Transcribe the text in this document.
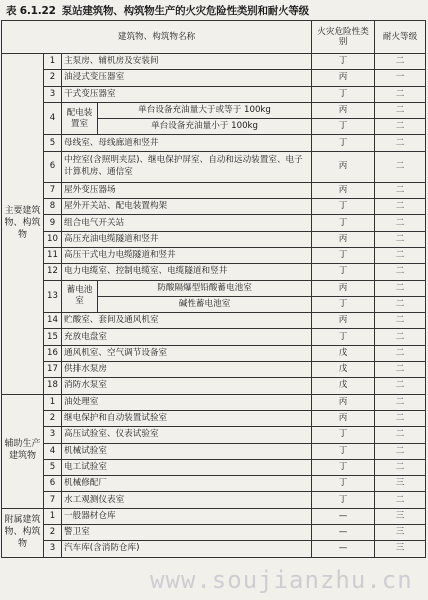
表 6.1.22 泵站建筑物、构筑物生产的火灾危险性类别和耐火等级
建筑物、构筑物名称				火灾危险性类别	耐火等级
主要建筑物、构筑物	1	主泵房、辅机房及安装间		丁	二
	2	油浸式变压器室		丙	一
	3	干式变压器室		丁	二
	4	配电装置室	单台设备充油量大于或等于 100kg	丙	二
			单台设备充油量小于 100kg	丁	二
	5	母线室、母线廊道和竖井		丁	二
	6	中控室(含照明夹层)、继电保护屏室、自动和远动装置室、电子计算机房、通信室		丙	二
	7	屋外变压器场		丙	二
	8	屋外开关站、配电装置构架		丁	二
	9	组合电气开关站		丁	二
	10	高压充油电缆隧道和竖井		丙	二
	11	高压干式电力电缆隧道和竖井		丁	二
	12	电力电缆室、控制电缆室、电缆隧道和竖井		丁	二
	13	蓄电池室	防酸隔爆型铅酸蓄电池室	丙	二
			碱性蓄电池室	丁	二
	14	贮酸室、套间及通风机室		丙	二
	15	充放电盘室		丁	二
	16	通风机室、空气调节设备室		戊	二
	17	供排水泵房		戊	二
	18	消防水泵室		戊	二
辅助生产建筑物	1	油处理室		丙	二
	2	继电保护和自动装置试验室		丙	二
	3	高压试验室、仪表试验室		丁	二
	4	机械试验室		丁	二
	5	电工试验室		丁	二
	6	机械修配厂		丁	三
	7	水工观测仪表室		丁	二
附属建筑物、构筑物	1	一般器材仓库		—	三
	2	警卫室		—	三
	3	汽车库(含消防仓库)		—	三
www.soujianzhu.cn
